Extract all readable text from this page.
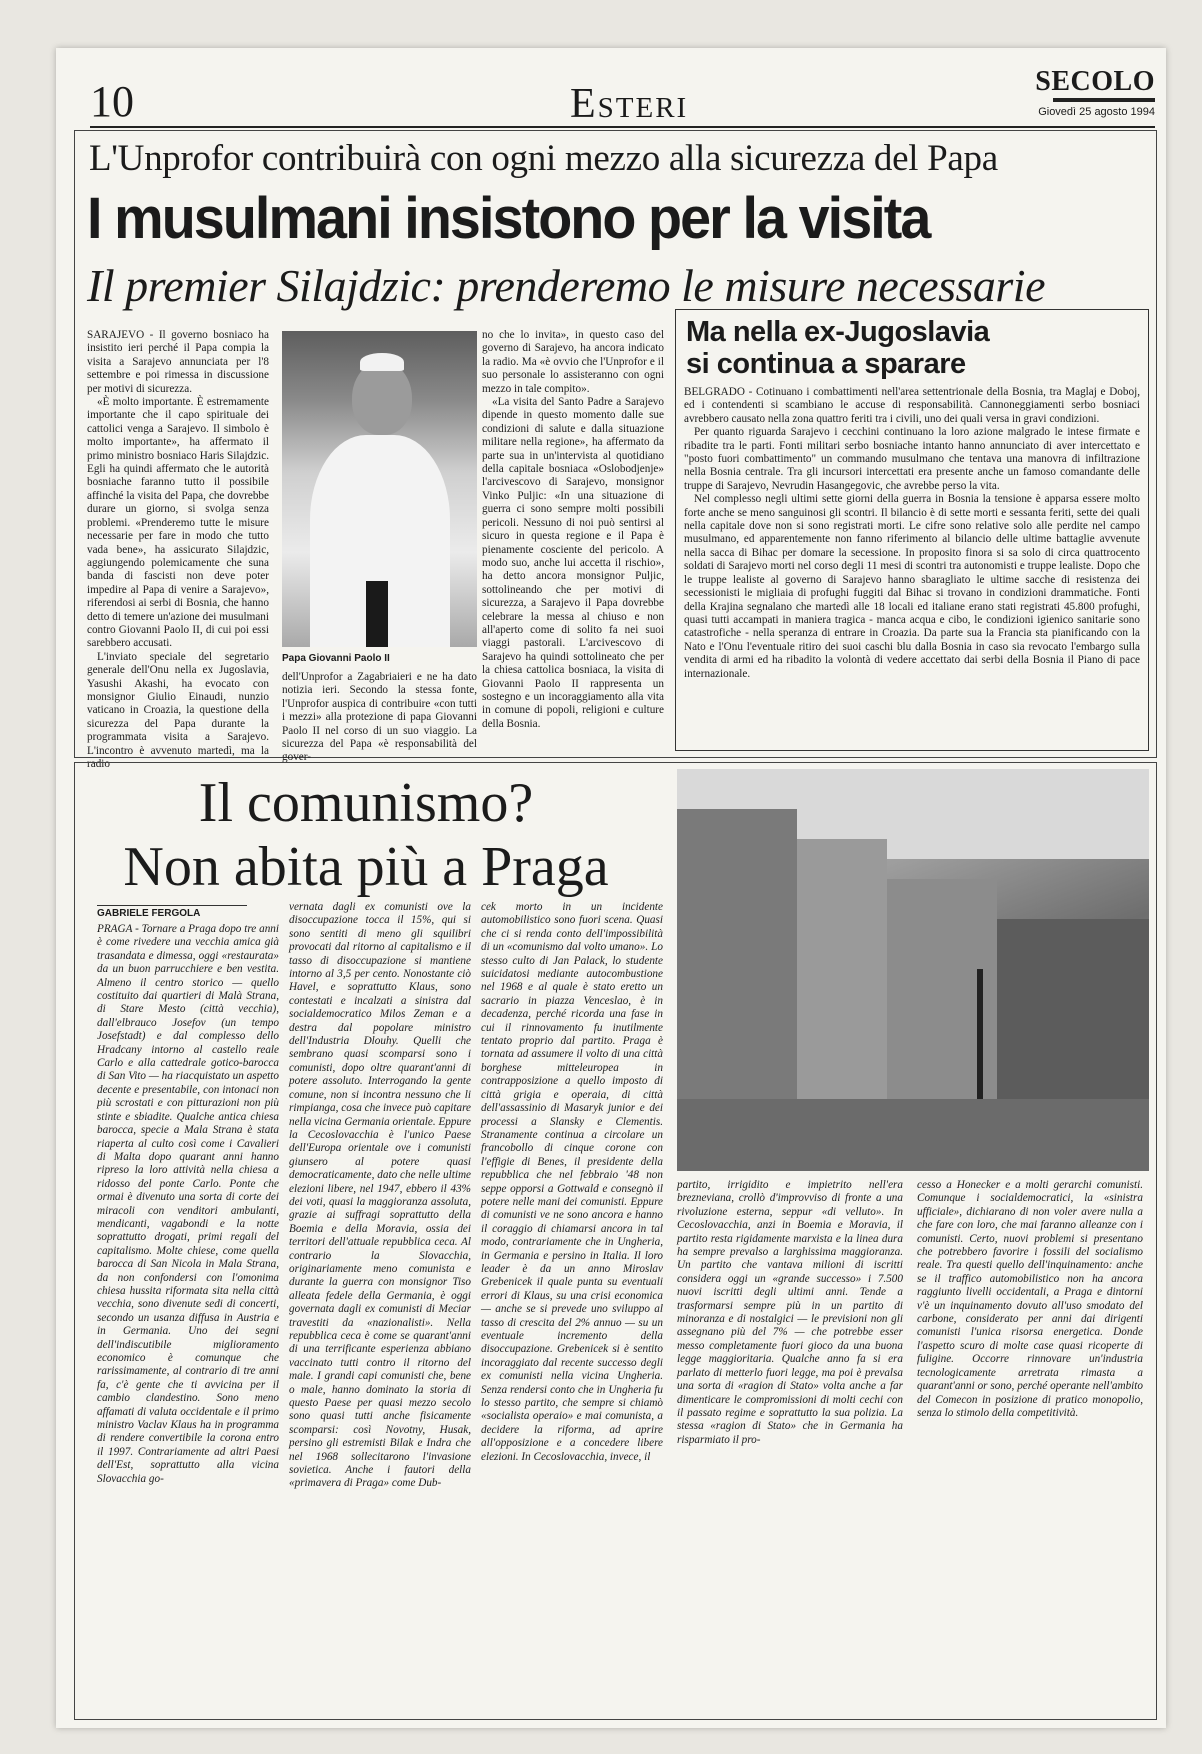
10	Esteri	SECOLO
Giovedì 25 agosto 1994
L'Unprofor contribuirà con ogni mezzo alla sicurezza del Papa
I musulmani insistono per la visita
Il premier Silajdzic: prenderemo le misure necessarie

SARAJEVO - Il governo bosniaco ha insistito ieri perché il Papa compia la visita a Sarajevo annunciata per l'8 settembre e poi rimessa in discussione per motivi di sicurezza.

«È molto importante. È estremamente importante che il capo spirituale dei cattolici venga a Sarajevo. Il simbolo è molto importante», ha affermato il primo ministro bosniaco Haris Silajdzic. Egli ha quindi affermato che le autorità bosniache faranno tutto il possibile affinché la visita del Papa, che dovrebbe durare un giorno, si svolga senza problemi. «Prenderemo tutte le misure necessarie per fare in modo che tutto vada bene», ha assicurato Silajdzic, aggiungendo polemicamente che suna banda di fascisti non deve poter impedire al Papa di venire a Sarajevo», riferendosi ai serbi di Bosnia, che hanno detto di temere un'azione dei musulmani contro Giovanni Paolo II, di cui poi essi sarebbero accusati.

L'inviato speciale del segretario generale dell'Onu nella ex Jugoslavia, Yasushi Akashi, ha evocato con monsignor Giulio Einaudi, nunzio vaticano in Croazia, la questione della sicurezza del Papa durante la programmata visita a Sarajevo. L'incontro è avvenuto martedì, ma la radio

Papa Giovanni Paolo II

dell'Unprofor a Zagabriaieri e ne ha dato notizia ieri. Secondo la stessa fonte, l'Unprofor auspica di contribuire «con tutti i mezzi» alla protezione di papa Giovanni Paolo II nel corso di un suo viaggio. La sicurezza del Papa «è responsabilità del gover-

no che lo invita», in questo caso del governo di Sarajevo, ha ancora indicato la radio. Ma «è ovvio che l'Unprofor e il suo personale lo assisteranno con ogni mezzo in tale compito».

«La visita del Santo Padre a Sarajevo dipende in questo momento dalle sue condizioni di salute e dalla situazione militare nella regione», ha affermato da parte sua in un'intervista al quotidiano della capitale bosniaca «Oslobodjenje» l'arcivescovo di Sarajevo, monsignor Vinko Puljic: «In una situazione di guerra ci sono sempre molti possibili pericoli. Nessuno di noi può sentirsi al sicuro in questa regione e il Papa è pienamente cosciente del pericolo. A modo suo, anche lui accetta il rischio», ha detto ancora monsignor Puljic, sottolineando che per motivi di sicurezza, a Sarajevo il Papa dovrebbe celebrare la messa al chiuso e non all'aperto come di solito fa nei suoi viaggi pastorali. L'arcivescovo di Sarajevo ha quindi sottolineato che per la chiesa cattolica bosniaca, la visita di Giovanni Paolo II rappresenta un sostegno e un incoraggiamento alla vita in comune di popoli, religioni e culture della Bosnia.

Ma nella ex-Jugoslavia
si continua a sparare

BELGRADO - Cotinuano i combattimenti nell'area settentrionale della Bosnia, tra Maglaj e Doboj, ed i contendenti si scambiano le accuse di responsabilità. Cannoneggiamenti serbo bosniaci avrebbero causato nella zona quattro feriti tra i civili, uno dei quali versa in gravi condizioni.

Per quanto riguarda Sarajevo i cecchini continuano la loro azione malgrado le intese firmate e ribadite tra le parti. Fonti militari serbo bosniache intanto hanno annunciato di aver intercettato e "posto fuori combattimento" un commando musulmano che tentava una manovra di infiltrazione nella Bosnia centrale. Tra gli incursori intercettati era presente anche un famoso comandante delle truppe di Sarajevo, Nevrudin Hasangegovic, che avrebbe perso la vita.

Nel complesso negli ultimi sette giorni della guerra in Bosnia la tensione è apparsa essere molto forte anche se meno sanguinosi gli scontri. Il bilancio è di sette morti e sessanta feriti, sette dei quali nella capitale dove non si sono registrati morti. Le cifre sono relative solo alle perdite nel campo musulmano, ed apparentemente non fanno riferimento al bilancio delle ultime battaglie avvenute nella sacca di Bihac per domare la secessione. In proposito finora si sa solo di circa quattrocento soldati di Sarajevo morti nel corso degli 11 mesi di scontri tra autonomisti e truppe lealiste. Dopo che le truppe lealiste al governo di Sarajevo hanno sbaragliato le ultime sacche di resistenza dei secessionisti le migliaia di profughi fuggiti dal Bihac si trovano in condizioni drammatiche. Fonti della Krajina segnalano che martedì alle 18 locali ed italiane erano stati registrati 45.800 profughi, quasi tutti accampati in maniera tragica - manca acqua e cibo, le condizioni igienico sanitarie sono catastrofiche - nella speranza di entrare in Croazia. Da parte sua la Francia sta pianificando con la Nato e l'Onu l'eventuale ritiro dei suoi caschi blu dalla Bosnia in caso sia revocato l'embargo sulla vendita di armi ed ha ribadito la volontà di vedere accettato dai serbi della Bosnia il Piano di pace internazionale.

Il comunismo?
Non abita più a Praga
GABRIELE FERGOLA

PRAGA - Tornare a Praga dopo tre anni è come rivedere una vecchia amica già trasandata e dimessa, oggi «restaurata» da un buon parrucchiere e ben vestita. Almeno il centro storico — quello costituito dai quartieri di Malà Strana, di Stare Mesto (città vecchia), dall'elbrauco Josefov (un tempo Josefstadt) e dal complesso dello Hradcany intorno al castello reale Carlo e alla cattedrale gotico-barocca di San Vito — ha riacquistato un aspetto decente e presentabile, con intonaci non più scrostati e con pitturazioni non più stinte e sbiadite. Qualche antica chiesa barocca, specie a Mala Strana è stata riaperta al culto così come i Cavalieri di Malta dopo quarant anni hanno ripreso la loro attività nella chiesa a ridosso del ponte Carlo. Ponte che ormai è divenuto una sorta di corte dei miracoli con venditori ambulanti, mendicanti, vagabondi e la notte soprattutto drogati, primi regali del capitalismo. Molte chiese, come quella barocca di San Nicola in Mala Strana, da non confondersi con l'omonima chiesa hussita riformata sita nella città vecchia, sono divenute sedi di concerti, secondo un usanza diffusa in Austria e in Germania. Uno dei segni dell'indiscutibile miglioramento economico è comunque che rarissimamente, al contrario di tre anni fa, c'è gente che ti avvicina per il cambio clandestino. Sono meno affamati di valuta occidentale e il primo ministro Vaclav Klaus ha in programma di rendere convertibile la corona entro il 1997. Contrariamente ad altri Paesi dell'Est, soprattutto alla vicina Slovacchia go-

vernata dagli ex comunisti ove la disoccupazione tocca il 15%, qui si sono sentiti di meno gli squilibri provocati dal ritorno al capitalismo e il tasso di disoccupazione si mantiene intorno al 3,5 per cento. Nonostante ciò Havel, e soprattutto Klaus, sono contestati e incalzati a sinistra dal socialdemocratico Milos Zeman e a destra dal popolare ministro dell'Industria Dlouhy. Quelli che sembrano quasi scomparsi sono i comunisti, dopo oltre quarant'anni di potere assoluto. Interrogando la gente comune, non si incontra nessuno che li rimpianga, cosa che invece può capitare nella vicina Germania orientale. Eppure la Cecoslovacchia è l'unico Paese dell'Europa orientale ove i comunisti giunsero al potere quasi democraticamente, dato che nelle ultime elezioni libere, nel 1947, ebbero il 43% dei voti, quasi la maggioranza assoluta, grazie ai suffragi soprattutto della Boemia e della Moravia, ossia dei territori dell'attuale repubblica ceca. Al contrario la Slovacchia, originariamente meno comunista e durante la guerra con monsignor Tiso alleata fedele della Germania, è oggi governata dagli ex comunisti di Meciar travestiti da «nazionalisti». Nella repubblica ceca è come se quarant'anni di una terrificante esperienza abbiano vaccinato tutti contro il ritorno del male. I grandi capi comunisti che, bene o male, hanno dominato la storia di questo Paese per quasi mezzo secolo sono quasi tutti anche fisicamente scomparsi: così Novotny, Husak, persino gli estremisti Bilak e Indra che nel 1968 sollecitarono l'invasione sovietica. Anche i fautori della «primavera di Praga» come Dub-

cek morto in un incidente automobilistico sono fuori scena. Quasi che ci si renda conto dell'impossibilità di un «comunismo dal volto umano». Lo stesso culto di Jan Palack, lo studente suicidatosi mediante autocombustione nel 1968 e al quale è stato eretto un sacrario in piazza Venceslao, è in decadenza, perché ricorda una fase in cui il rinnovamento fu inutilmente tentato proprio dal partito. Praga è tornata ad assumere il volto di una città borghese mitteleuropea in contrapposizione a quello imposto di città grigia e operaia, di città dell'assassinio di Masaryk junior e dei processi a Slansky e Clementis. Stranamente continua a circolare un francobollo di cinque corone con l'effigie di Benes, il presidente della repubblica che nel febbraio '48 non seppe opporsi a Gottwald e consegnò il potere nelle mani dei comunisti. Eppure di comunisti ve ne sono ancora e hanno il coraggio di chiamarsi ancora in tal modo, contrariamente che in Ungheria, in Germania e persino in Italia. Il loro leader è da un anno Miroslav Grebenicek il quale punta su eventuali errori di Klaus, su una crisi economica — anche se si prevede uno sviluppo al tasso di crescita del 2% annuo — su un eventuale incremento della disoccupazione. Grebenicek si è sentito incoraggiato dal recente successo degli ex comunisti nella vicina Ungheria. Senza rendersi conto che in Ungheria fu lo stesso partito, che sempre si chiamò «socialista operaio» e mai comunista, a decidere la riforma, ad aprire all'opposizione e a concedere libere elezioni. In Cecoslovacchia, invece, il

partito, irrigidito e impietrito nell'era brezneviana, crollò d'improvviso di fronte a una rivoluzione esterna, seppur «di velluto». In Cecoslovacchia, anzi in Boemia e Moravia, il partito resta rigidamente marxista e la linea dura ha sempre prevalso a larghissima maggioranza. Un partito che vantava milioni di iscritti considera oggi un «grande successo» i 7.500 nuovi iscritti degli ultimi anni. Tende a trasformarsi sempre più in un partito di minoranza e di nostalgici — le previsioni non gli assegnano più del 7% — che potrebbe esser messo completamente fuori gioco da una buona legge maggioritaria. Qualche anno fa si era parlato di metterlo fuori legge, ma poi è prevalsa una sorta di «ragion di Stato» volta anche a far dimenticare le compromissioni di molti cechi con il passato regime e soprattutto la sua polizia. La stessa «ragion di Stato» che in Germania ha risparmiato il pro-

cesso a Honecker e a molti gerarchi comunisti. Comunque i socialdemocratici, la «sinistra ufficiale», dichiarano di non voler avere nulla a che fare con loro, che mai faranno alleanze con i comunisti. Certo, nuovi problemi si presentano che potrebbero favorire i fossili del socialismo reale. Tra questi quello dell'inquinamento: anche se il traffico automobilistico non ha ancora raggiunto livelli occidentali, a Praga e dintorni v'è un inquinamento dovuto all'uso smodato del carbone, considerato per anni dai dirigenti comunisti l'unica risorsa energetica. Donde l'aspetto scuro di molte case quasi ricoperte di fuligine. Occorre rinnovare un'industria tecnologicamente arretrata rimasta a quarant'anni or sono, perché operante nell'ambito del Comecon in posizione di pratico monopolio, senza lo stimolo della competitività.
